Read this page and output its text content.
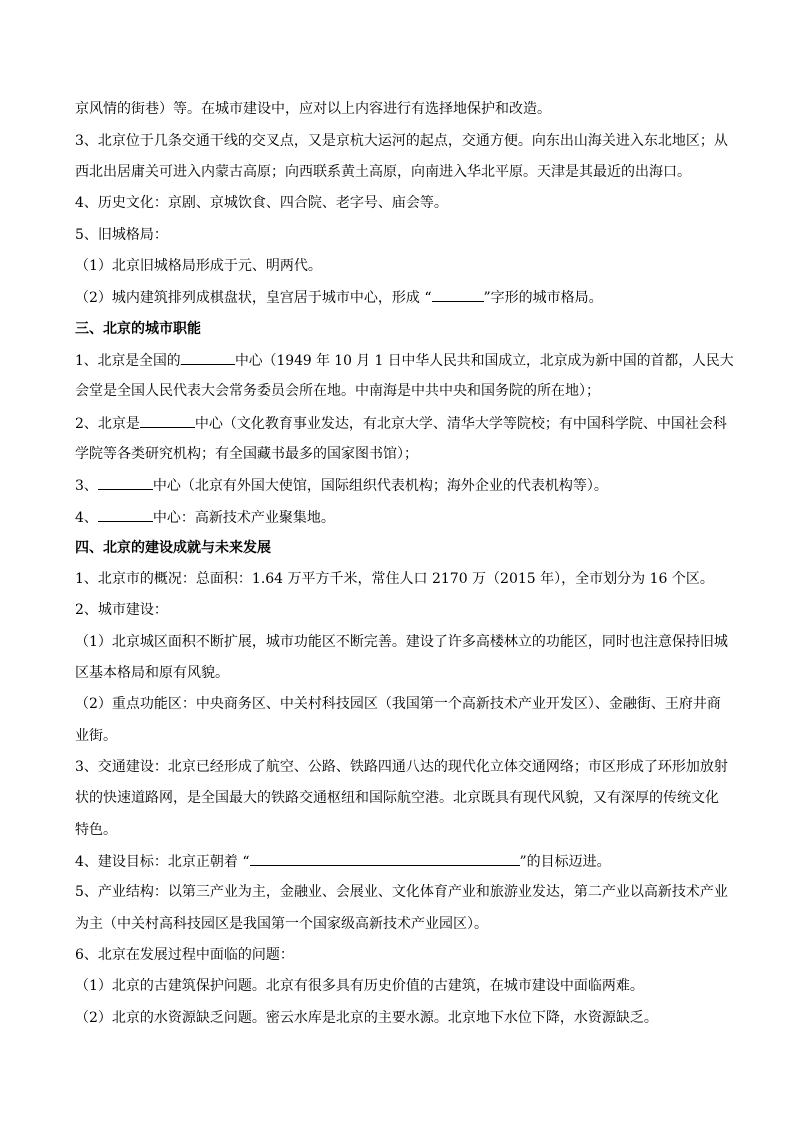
京风情的街巷）等。在城市建设中，应对以上内容进行有选择地保护和改造。
3、北京位于几条交通干线的交叉点，又是京杭大运河的起点，交通方便。向东出山海关进入东北地区；从
西北出居庸关可进入内蒙古高原；向西联系黄土高原，向南进入华北平原。天津是其最近的出海口。
4、历史文化：京剧、京城饮食、四合院、老字号、庙会等。
5、旧城格局：
（1）北京旧城格局形成于元、明两代。
（2）城内建筑排列成棋盘状，皇宫居于城市中心，形成 “	”字形的城市格局。
三、北京的城市职能
1、北京是全国的	中心（1949 年 10 月 1 日中华人民共和国成立，北京成为新中国的首都，人民大
会堂是全国人民代表大会常务委员会所在地。中南海是中共中央和国务院的所在地）；
2、北京是	中心（文化教育事业发达，有北京大学、清华大学等院校；有中国科学院、中国社会科
学院等各类研究机构；有全国藏书最多的国家图书馆）；
3、	中心（北京有外国大使馆，国际组织代表机构；海外企业的代表机构等）。
4、	中心：高新技术产业聚集地。
四、北京的建设成就与未来发展
1、北京市的概况：总面积：1.64 万平方千米，常住人口 2170 万（2015 年），全市划分为 16 个区。
2、城市建设：
（1）北京城区面积不断扩展，城市功能区不断完善。建设了许多高楼林立的功能区，同时也注意保持旧城
区基本格局和原有风貌。
（2）重点功能区：中央商务区、中关村科技园区（我国第一个高新技术产业开发区）、金融街、王府井商
业街。
3、交通建设：北京已经形成了航空、公路、铁路四通八达的现代化立体交通网络；市区形成了环形加放射
状的快速道路网，是全国最大的铁路交通枢纽和国际航空港。北京既具有现代风貌，又有深厚的传统文化
特色。
4、建设目标：北京正朝着 “	”的目标迈进。
5、产业结构：以第三产业为主，金融业、会展业、文化体育产业和旅游业发达，第二产业以高新技术产业
为主（中关村高科技园区是我国第一个国家级高新技术产业园区）。
6、北京在发展过程中面临的问题：
（1）北京的古建筑保护问题。北京有很多具有历史价值的古建筑，在城市建设中面临两难。
（2）北京的水资源缺乏问题。密云水库是北京的主要水源。北京地下水位下降，水资源缺乏。
